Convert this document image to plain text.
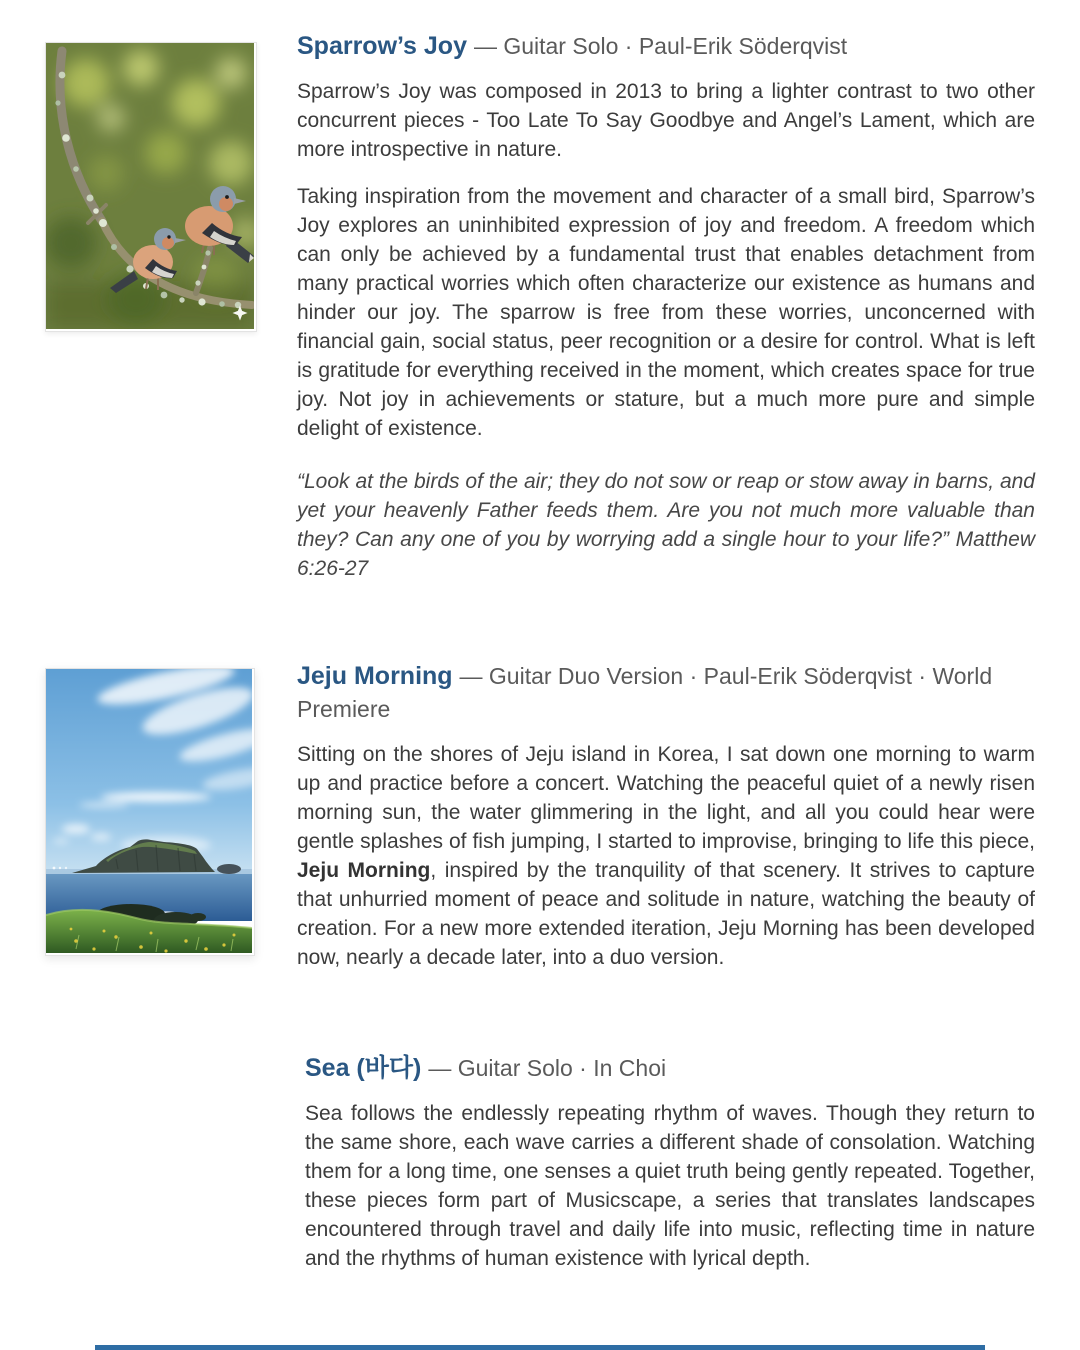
Sparrow’s Joy — Guitar Solo · Paul-Erik Söderqvist

Sparrow’s Joy was composed in 2013 to bring a lighter contrast to two other concurrent pieces - Too Late To Say Goodbye and Angel’s Lament, which are more introspective in nature.

Taking inspiration from the movement and character of a small bird, Sparrow’s Joy explores an uninhibited expression of joy and freedom. A freedom which can only be achieved by a fundamental trust that enables detachment from many practical worries which often characterize our existence as humans and hinder our joy. The sparrow is free from these worries, unconcerned with financial gain, social status, peer recognition or a desire for control. What is left is gratitude for everything received in the moment, which creates space for true joy. Not joy in achievements or stature, but a much more pure and simple delight of existence.

“Look at the birds of the air; they do not sow or reap or stow away in barns, and yet your heavenly Father feeds them. Are you not much more valuable than they? Can any one of you by worrying add a single hour to your life?” Matthew 6:26-27

Jeju Morning — Guitar Duo Version · Paul-Erik Söderqvist · World Premiere

Sitting on the shores of Jeju island in Korea, I sat down one morning to warm up and practice before a concert. Watching the peaceful quiet of a newly risen morning sun, the water glimmering in the light, and all you could hear were gentle splashes of fish jumping, I started to improvise, bringing to life this piece, Jeju Morning, inspired by the tranquility of that scenery. It strives to capture that unhurried moment of peace and solitude in nature, watching the beauty of creation. For a new more extended iteration, Jeju Morning has been developed now, nearly a decade later, into a duo version.

Sea (바다) — Guitar Solo · In Choi

Sea follows the endlessly repeating rhythm of waves. Though they return to the same shore, each wave carries a different shade of consolation. Watching them for a long time, one senses a quiet truth being gently repeated. Together, these pieces form part of Musicscape, a series that translates landscapes encountered through travel and daily life into music, reflecting time in nature and the rhythms of human existence with lyrical depth.
